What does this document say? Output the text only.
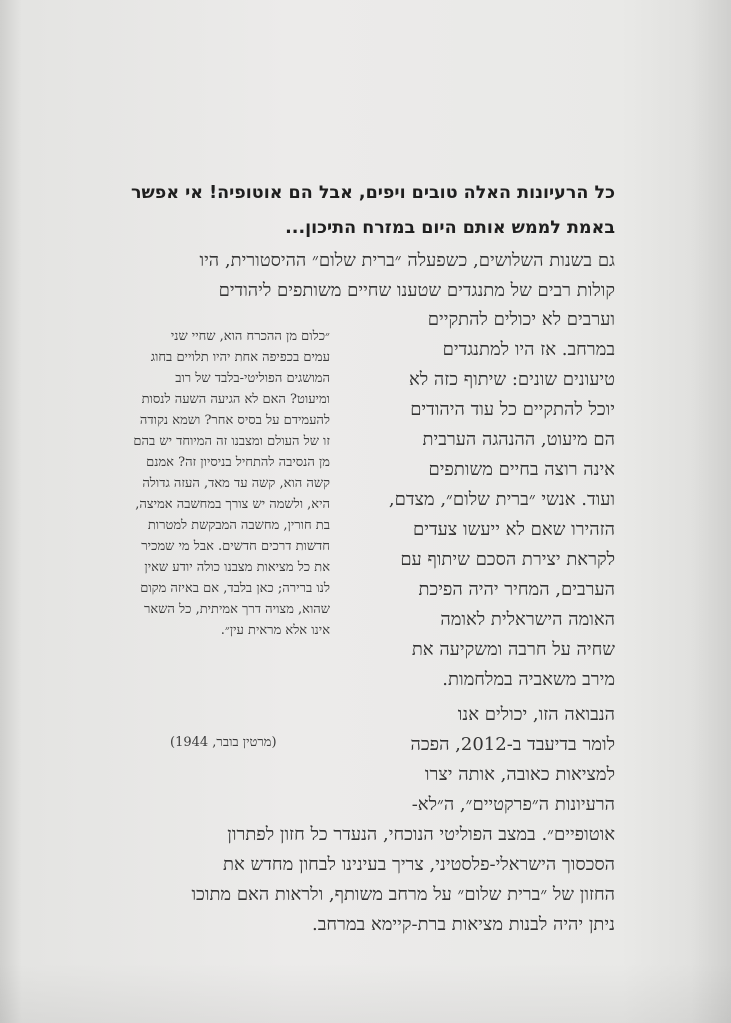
כל הרעיונות האלה טובים ויפים, אבל הם אוטופיה! אי אפשר
באמת לממש אותם היום במזרח התיכון...
גם בשנות השלושים, כשפעלה ״ברית שלום״ ההיסטורית, היו
קולות רבים של מתנגדים שטענו שחיים משותפים ליהודים
וערבים לא יכולים להתקיים
במרחב. אז היו למתנגדים
טיעונים שונים: שיתוף כזה לא
יוכל להתקיים כל עוד היהודים
הם מיעוט, ההנהגה הערבית
אינה רוצה בחיים משותפים
ועוד. אנשי ״ברית שלום״, מצדם,
הזהירו שאם לא ייעשו צעדים
לקראת יצירת הסכם שיתוף עם
הערבים, המחיר יהיה הפיכת
האומה הישראלית לאומה
שחיה על חרבה ומשקיעה את
מירב משאביה במלחמות.
״כלום מן ההכרח הוא, שחיי שני
עמים בכפיפה אחת יהיו תלויים בחוג
המושגים הפוליטי-בלבד של רוב
ומיעוט? האם לא הגיעה השעה לנסות
להעמידם על בסיס אחר? ושמא נקודה
זו של העולם ומצבנו זה המיוחד יש בהם
מן הנסיבה להתחיל בניסיון זה? אמנם
קשה הוא, קשה עד מאד, העזה גדולה
היא, ולשמה יש צורך במחשבה אמיצה,
בת חורין, מחשבה המבקשת למטרות
חדשות דרכים חדשים. אבל מי שמכיר
את כל מציאות מצבנו כולה יודע שאין
לנו ברירה; כאן בלבד, אם באיזה מקום
שהוא, מצויה דרך אמיתית, כל השאר
אינו אלא מראית עין״.
(מרטין בובר, 1944)
הנבואה הזו, יכולים אנו
לומר בדיעבד ב-2012, הפכה
למציאות כאובה, אותה יצרו
הרעיונות ה״פרקטיים״, ה״לא-
אוטופיים״. במצב הפוליטי הנוכחי, הנעדר כל חזון לפתרון
הסכסוך הישראלי-פלסטיני, צריך בעינינו לבחון מחדש את
החזון של ״ברית שלום״ על מרחב משותף, ולראות האם מתוכו
ניתן יהיה לבנות מציאות ברת-קיימא במרחב.
